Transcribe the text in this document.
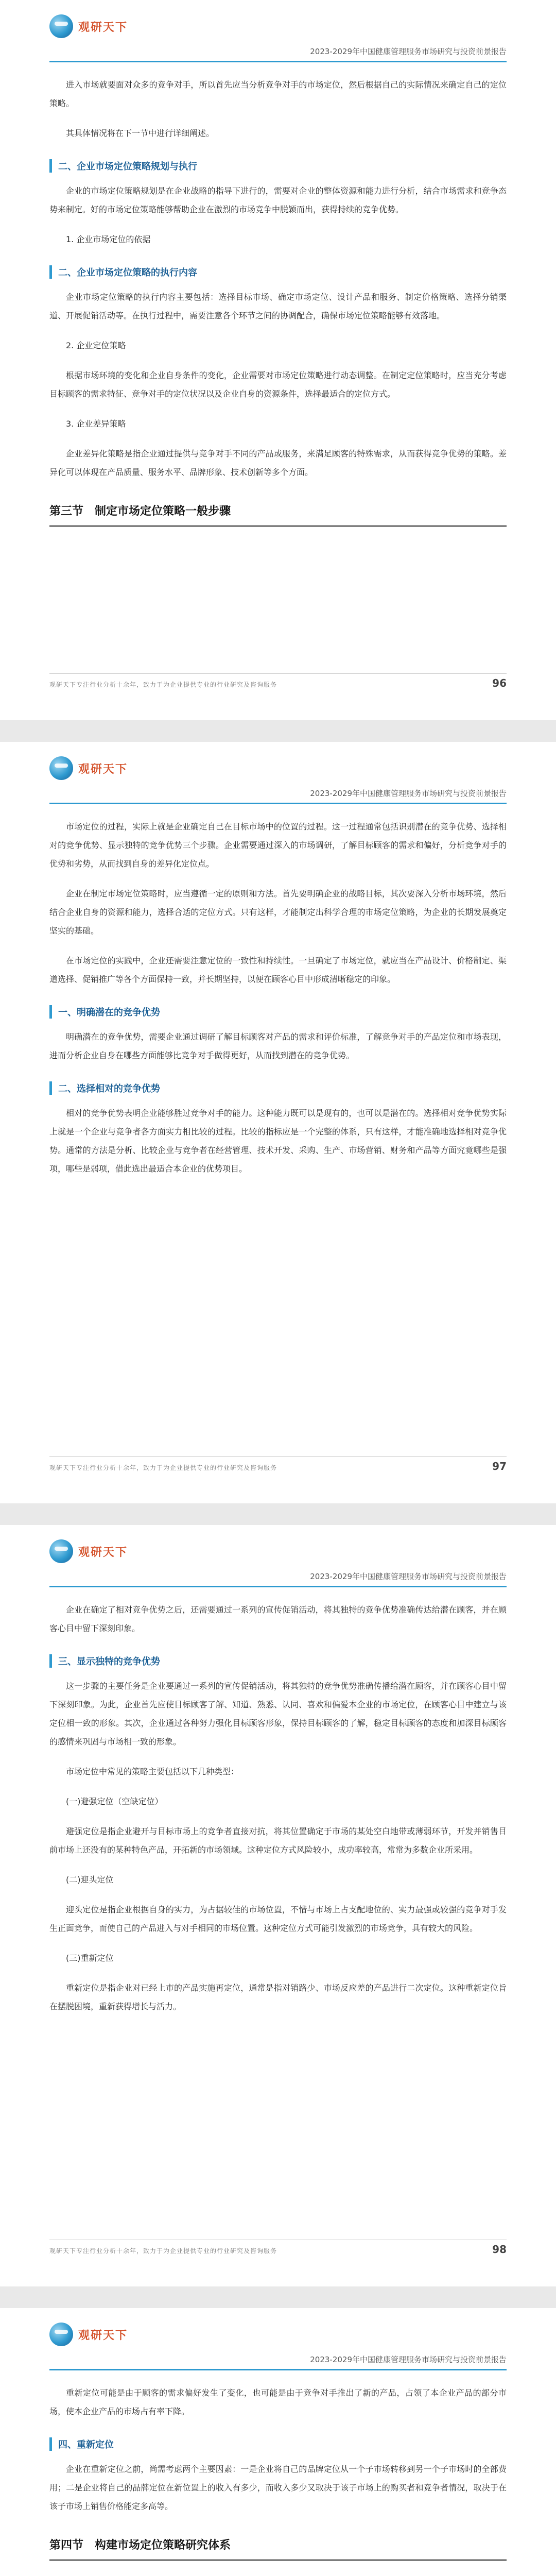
观研天下
2023-2029年中国健康管理服务市场研究与投资前景报告

进入市场就要面对众多的竞争对手，所以首先应当分析竞争对手的市场定位，然后根据自己的实际情况来确定自己的定位策略。

其具体情况将在下一节中进行详细阐述。

二、企业市场定位策略规划与执行

企业的市场定位策略规划是在企业战略的指导下进行的，需要对企业的整体资源和能力进行分析，结合市场需求和竞争态势来制定。好的市场定位策略能够帮助企业在激烈的市场竞争中脱颖而出，获得持续的竞争优势。

1. 企业市场定位的依据

二、企业市场定位策略的执行内容

企业市场定位策略的执行内容主要包括：选择目标市场、确定市场定位、设计产品和服务、制定价格策略、选择分销渠道、开展促销活动等。在执行过程中，需要注意各个环节之间的协调配合，确保市场定位策略能够有效落地。

2. 企业定位策略

根据市场环境的变化和企业自身条件的变化，企业需要对市场定位策略进行动态调整。在制定定位策略时，应当充分考虑目标顾客的需求特征、竞争对手的定位状况以及企业自身的资源条件，选择最适合的定位方式。

3. 企业差异策略

企业差异化策略是指企业通过提供与竞争对手不同的产品或服务，来满足顾客的特殊需求，从而获得竞争优势的策略。差异化可以体现在产品质量、服务水平、品牌形象、技术创新等多个方面。

第三节　制定市场定位策略一般步骤
观研天下专注行业分析十余年，致力于为企业提供专业的行业研究及咨询服务	96
观研天下
2023-2029年中国健康管理服务市场研究与投资前景报告

市场定位的过程，实际上就是企业确定自己在目标市场中的位置的过程。这一过程通常包括识别潜在的竞争优势、选择相对的竞争优势、显示独特的竞争优势三个步骤。企业需要通过深入的市场调研，了解目标顾客的需求和偏好，分析竞争对手的优势和劣势，从而找到自身的差异化定位点。

企业在制定市场定位策略时，应当遵循一定的原则和方法。首先要明确企业的战略目标，其次要深入分析市场环境，然后结合企业自身的资源和能力，选择合适的定位方式。只有这样，才能制定出科学合理的市场定位策略，为企业的长期发展奠定坚实的基础。

在市场定位的实践中，企业还需要注意定位的一致性和持续性。一旦确定了市场定位，就应当在产品设计、价格制定、渠道选择、促销推广等各个方面保持一致，并长期坚持，以便在顾客心目中形成清晰稳定的印象。

一、明确潜在的竞争优势

明确潜在的竞争优势，需要企业通过调研了解目标顾客对产品的需求和评价标准，了解竞争对手的产品定位和市场表现，进而分析企业自身在哪些方面能够比竞争对手做得更好，从而找到潜在的竞争优势。

二、选择相对的竞争优势

相对的竞争优势表明企业能够胜过竞争对手的能力。这种能力既可以是现有的，也可以是潜在的。选择相对竞争优势实际上就是一个企业与竞争者各方面实力相比较的过程。比较的指标应是一个完整的体系，只有这样，才能准确地选择相对竞争优势。通常的方法是分析、比较企业与竞争者在经营管理、技术开发、采购、生产、市场营销、财务和产品等方面究竟哪些是强项，哪些是弱项，借此选出最适合本企业的优势项目。

观研天下专注行业分析十余年，致力于为企业提供专业的行业研究及咨询服务	97
观研天下
2023-2029年中国健康管理服务市场研究与投资前景报告

企业在确定了相对竞争优势之后，还需要通过一系列的宣传促销活动，将其独特的竞争优势准确传达给潜在顾客，并在顾客心目中留下深刻印象。

三、显示独特的竞争优势

这一步骤的主要任务是企业要通过一系列的宣传促销活动，将其独特的竞争优势准确传播给潜在顾客，并在顾客心目中留下深刻印象。为此，企业首先应使目标顾客了解、知道、熟悉、认同、喜欢和偏爱本企业的市场定位，在顾客心目中建立与该定位相一致的形象。其次，企业通过各种努力强化目标顾客形象，保持目标顾客的了解，稳定目标顾客的态度和加深目标顾客的感情来巩固与市场相一致的形象。

市场定位中常见的策略主要包括以下几种类型：

(一)避强定位（空缺定位）

避强定位是指企业避开与目标市场上的竞争者直接对抗，将其位置确定于市场的某处空白地带或薄弱环节，开发并销售目前市场上还没有的某种特色产品，开拓新的市场领域。这种定位方式风险较小，成功率较高，常常为多数企业所采用。

(二)迎头定位

迎头定位是指企业根据自身的实力，为占据较佳的市场位置，不惜与市场上占支配地位的、实力最强或较强的竞争对手发生正面竞争，而使自己的产品进入与对手相同的市场位置。这种定位方式可能引发激烈的市场竞争，具有较大的风险。

(三)重新定位

重新定位是指企业对已经上市的产品实施再定位，通常是指对销路少、市场反应差的产品进行二次定位。这种重新定位旨在摆脱困境，重新获得增长与活力。

观研天下专注行业分析十余年，致力于为企业提供专业的行业研究及咨询服务	98
观研天下
2023-2029年中国健康管理服务市场研究与投资前景报告

重新定位可能是由于顾客的需求偏好发生了变化，也可能是由于竞争对手推出了新的产品，占领了本企业产品的部分市场，使本企业产品的市场占有率下降。

四、重新定位

企业在重新定位之前，尚需考虑两个主要因素：一是企业将自己的品牌定位从一个子市场转移到另一个子市场时的全部费用；二是企业将自己的品牌定位在新位置上的收入有多少，而收入多少又取决于该子市场上的购买者和竞争者情况，取决于在该子市场上销售价格能定多高等。

第四节　构建市场定位策略研究体系
